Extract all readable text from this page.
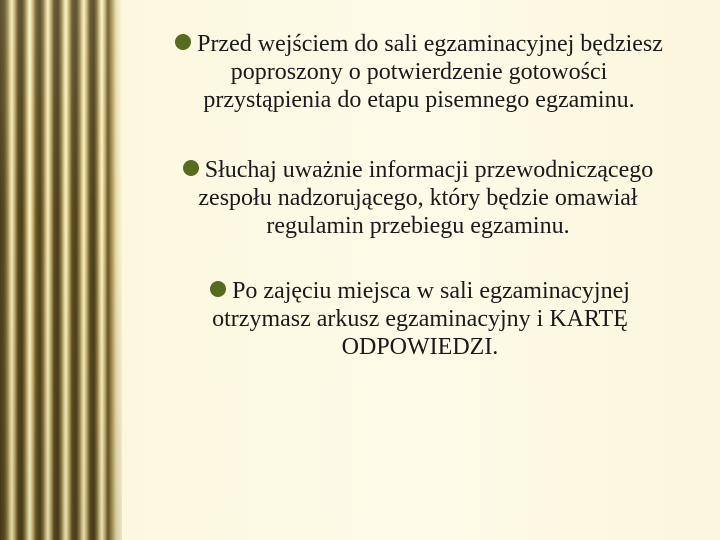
Przed wejściem do sali egzaminacyjnej będziesz
poproszony o potwierdzenie gotowości
przystąpienia do etapu pisemnego egzaminu.
Słuchaj uważnie informacji przewodniczącego
zespołu nadzorującego, który będzie omawiał
regulamin przebiegu egzaminu.
Po zajęciu miejsca w sali egzaminacyjnej
otrzymasz arkusz egzaminacyjny i KARTĘ
ODPOWIEDZI.
